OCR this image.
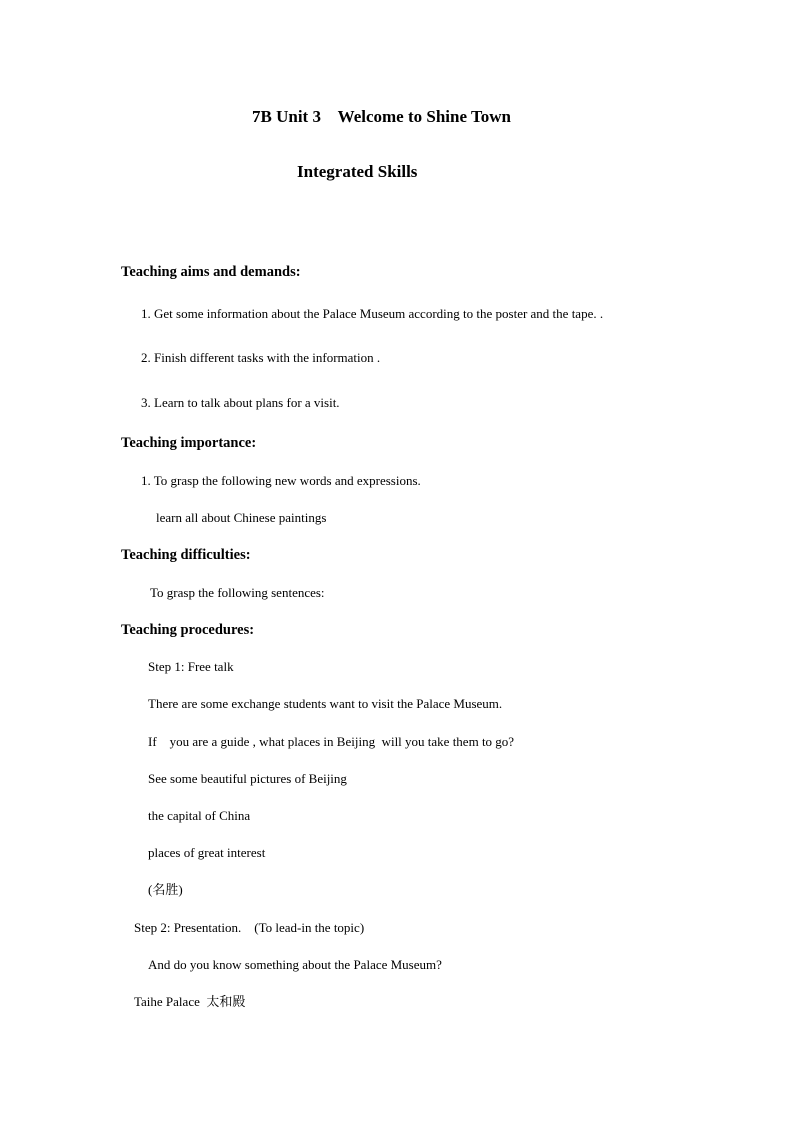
7B Unit 3    Welcome to Shine Town
Integrated Skills
Teaching aims and demands:
1. Get some information about the Palace Museum according to the poster and the tape. .
2. Finish different tasks with the information .
3. Learn to talk about plans for a visit.
Teaching importance:
1. To grasp the following new words and expressions.
learn all about Chinese paintings
Teaching difficulties:
To grasp the following sentences:
Teaching procedures:
Step 1: Free talk
There are some exchange students want to visit the Palace Museum.
If    you are a guide , what places in Beijing  will you take them to go?
See some beautiful pictures of Beijing
the capital of China
places of great interest
(名胜)
Step 2: Presentation.    (To lead-in the topic)
And do you know something about the Palace Museum?
Taihe Palace  太和殿
